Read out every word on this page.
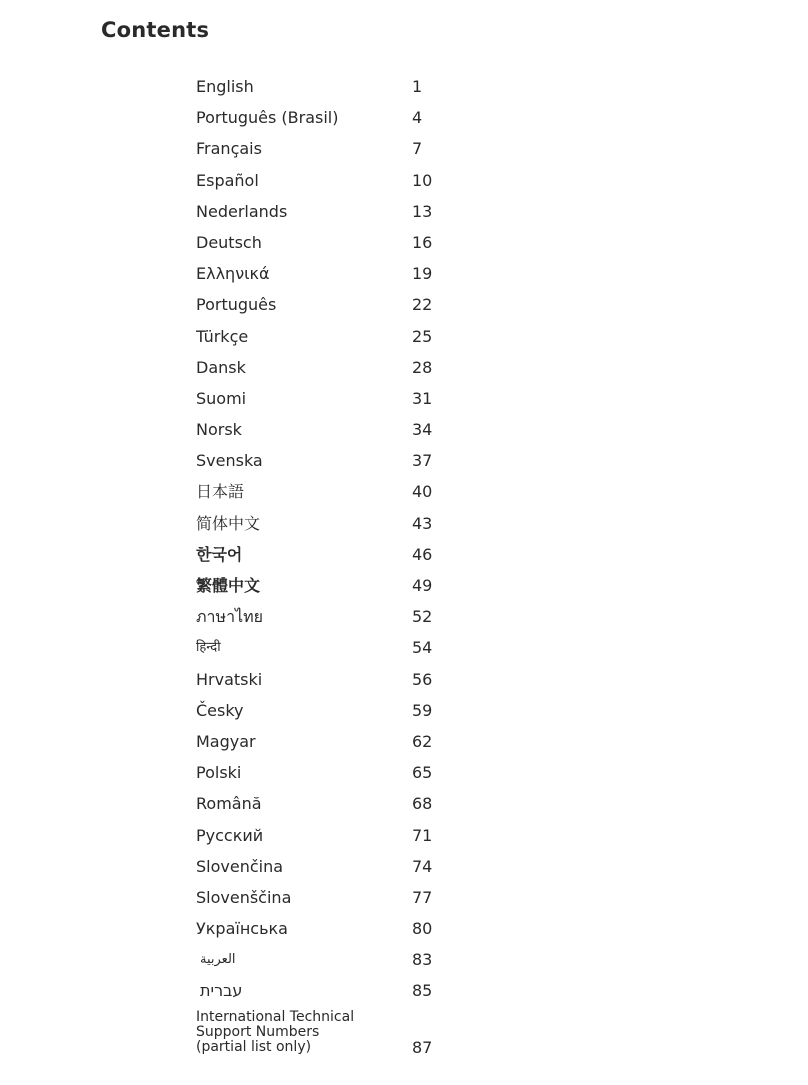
Contents
English	1
Português (Brasil)	4
Français	7
Español	10
Nederlands	13
Deutsch	16
Ελληνικά	19
Português	22
Türkçe	25
Dansk	28
Suomi	31
Norsk	34
Svenska	37
日本語	40
简体中文	43
한국어	46
繁體中文	49
ภาษาไทย	52
हिन्दी	54
Hrvatski	56
Česky	59
Magyar	62
Polski	65
Română	68
Русский	71
Slovenčina	74
Slovenščina	77
Українська	80
العربية	83
עברית	85
International Technical Support Numbers (partial list only)	87
